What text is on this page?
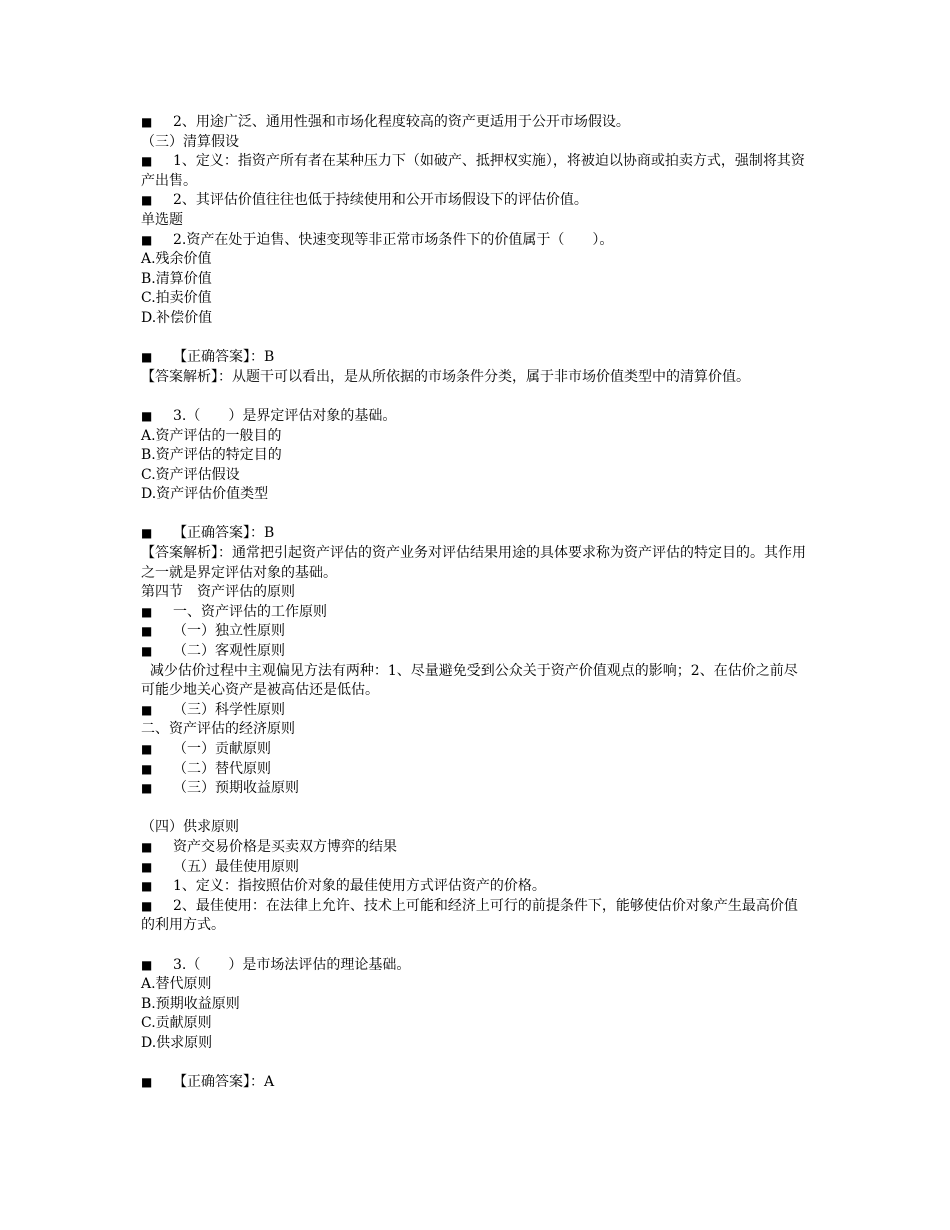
■ 2、用途广泛、通用性强和市场化程度较高的资产更适用于公开市场假设。
（三）清算假设
■ 1、定义：指资产所有者在某种压力下（如破产、抵押权实施），将被迫以协商或拍卖方式，强制将其资产出售。
■ 2、其评估价值往往也低于持续使用和公开市场假设下的评估价值。
单选题
■ 2.资产在处于迫售、快速变现等非正常市场条件下的价值属于（　　）。
A.残余价值
B.清算价值
C.拍卖价值
D.补偿价值
■ 【正确答案】：B
【答案解析】：从题干可以看出，是从所依据的市场条件分类，属于非市场价值类型中的清算价值。
■ 3.（　　）是界定评估对象的基础。
A.资产评估的一般目的
B.资产评估的特定目的
C.资产评估假设
D.资产评估价值类型
■ 【正确答案】：B
【答案解析】：通常把引起资产评估的资产业务对评估结果用途的具体要求称为资产评估的特定目的。其作用之一就是界定评估对象的基础。
第四节　资产评估的原则
■ 一、资产评估的工作原则
■ （一）独立性原则
■ （二）客观性原则
减少估价过程中主观偏见方法有两种：1、尽量避免受到公众关于资产价值观点的影响；2、在估价之前尽可能少地关心资产是被高估还是低估。
■ （三）科学性原则
二、资产评估的经济原则
■ （一）贡献原则
■ （二）替代原则
■ （三）预期收益原则
（四）供求原则
■ 资产交易价格是买卖双方博弈的结果
■ （五）最佳使用原则
■ 1、定义：指按照估价对象的最佳使用方式评估资产的价格。
■ 2、最佳使用：在法律上允许、技术上可能和经济上可行的前提条件下，能够使估价对象产生最高价值的利用方式。
■ 3.（　　）是市场法评估的理论基础。
A.替代原则
B.预期收益原则
C.贡献原则
D.供求原则
■ 【正确答案】：A
